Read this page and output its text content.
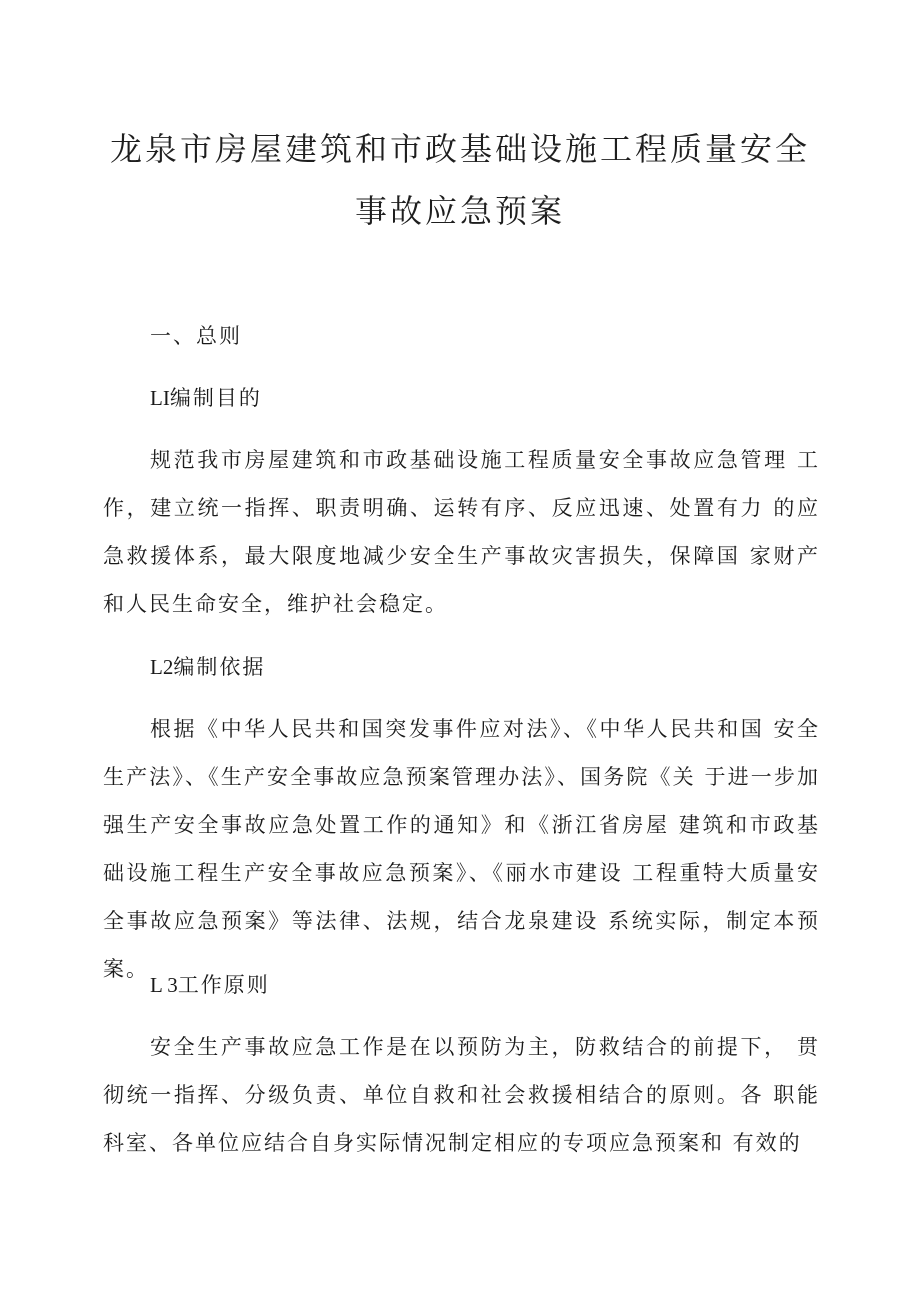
龙泉市房屋建筑和市政基础设施工程质量安全
事故应急预案
一、总则
LI编制目的

规范我市房屋建筑和市政基础设施工程质量安全事故应急管理 工作，建立统一指挥、职责明确、运转有序、反应迅速、处置有力 的应急救援体系，最大限度地减少安全生产事故灾害损失，保障国 家财产和人民生命安全，维护社会稳定。

L2编制依据

根据《中华人民共和国突发事件应对法》、《中华人民共和国 安全生产法》、《生产安全事故应急预案管理办法》、国务院《关 于进一步加强生产安全事故应急处置工作的通知》和《浙江省房屋 建筑和市政基础设施工程生产安全事故应急预案》、《丽水市建设 工程重特大质量安全事故应急预案》等法律、法规，结合龙泉建设 系统实际，制定本预案。

L 3工作原则

安全生产事故应急工作是在以预防为主，防救结合的前提下， 贯彻统一指挥、分级负责、单位自救和社会救援相结合的原则。各 职能科室、各单位应结合自身实际情况制定相应的专项应急预案和 有效的
